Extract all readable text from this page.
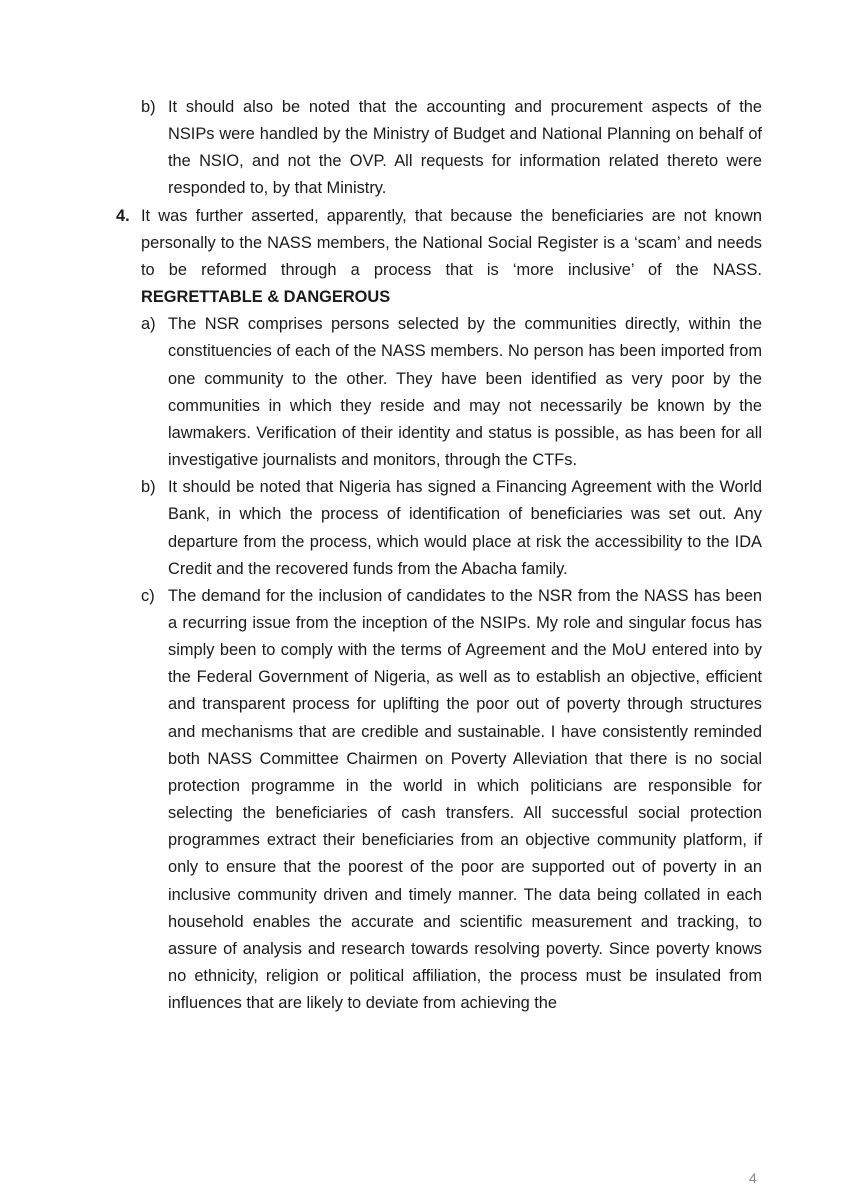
b) It should also be noted that the accounting and procurement aspects of the NSIPs were handled by the Ministry of Budget and National Planning on behalf of the NSIO, and not the OVP. All requests for information related thereto were responded to, by that Ministry.
4. It was further asserted, apparently, that because the beneficiaries are not known personally to the NASS members, the National Social Register is a ‘scam’ and needs to be reformed through a process that is ‘more inclusive’ of the NASS. REGRETTABLE & DANGEROUS
a) The NSR comprises persons selected by the communities directly, within the constituencies of each of the NASS members. No person has been imported from one community to the other. They have been identified as very poor by the communities in which they reside and may not necessarily be known by the lawmakers. Verification of their identity and status is possible, as has been for all investigative journalists and monitors, through the CTFs.
b) It should be noted that Nigeria has signed a Financing Agreement with the World Bank, in which the process of identification of beneficiaries was set out. Any departure from the process, which would place at risk the accessibility to the IDA Credit and the recovered funds from the Abacha family.
c) The demand for the inclusion of candidates to the NSR from the NASS has been a recurring issue from the inception of the NSIPs. My role and singular focus has simply been to comply with the terms of Agreement and the MoU entered into by the Federal Government of Nigeria, as well as to establish an objective, efficient and transparent process for uplifting the poor out of poverty through structures and mechanisms that are credible and sustainable. I have consistently reminded both NASS Committee Chairmen on Poverty Alleviation that there is no social protection programme in the world in which politicians are responsible for selecting the beneficiaries of cash transfers. All successful social protection programmes extract their beneficiaries from an objective community platform, if only to ensure that the poorest of the poor are supported out of poverty in an inclusive community driven and timely manner. The data being collated in each household enables the accurate and scientific measurement and tracking, to assure of analysis and research towards resolving poverty. Since poverty knows no ethnicity, religion or political affiliation, the process must be insulated from influences that are likely to deviate from achieving the
4
